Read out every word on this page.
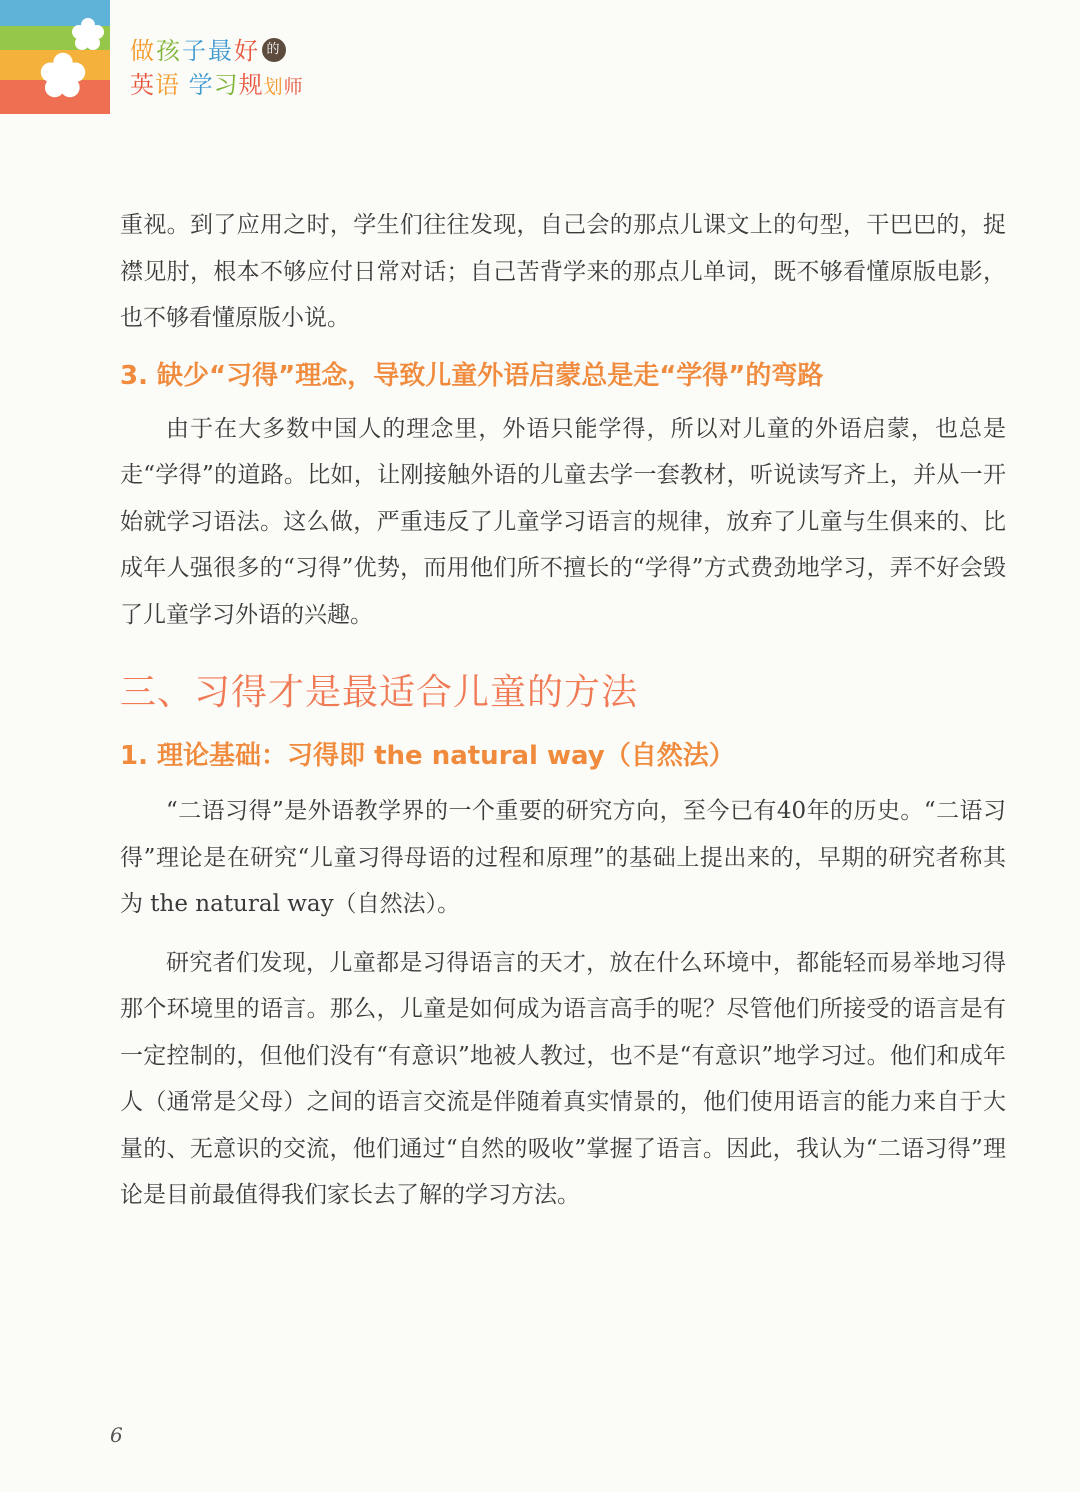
做孩子最好 的
英语 学习规划师

重视。到了应用之时，学生们往往发现，自己会的那点儿课文上的句型，干巴巴的，捉襟见肘，根本不够应付日常对话；自己苦背学来的那点儿单词，既不够看懂原版电影，也不够看懂原版小说。

3. 缺少“习得”理念，导致儿童外语启蒙总是走“学得”的弯路

由于在大多数中国人的理念里，外语只能学得，所以对儿童的外语启蒙，也总是走“学得”的道路。比如，让刚接触外语的儿童去学一套教材，听说读写齐上，并从一开始就学习语法。这么做，严重违反了儿童学习语言的规律，放弃了儿童与生俱来的、比成年人强很多的“习得”优势，而用他们所不擅长的“学得”方式费劲地学习，弄不好会毁了儿童学习外语的兴趣。

三、习得才是最适合儿童的方法
1. 理论基础：习得即 the natural way（自然法）

“二语习得”是外语教学界的一个重要的研究方向，至今已有40年的历史。“二语习得”理论是在研究“儿童习得母语的过程和原理”的基础上提出来的，早期的研究者称其为 the natural way（自然法）。

研究者们发现，儿童都是习得语言的天才，放在什么环境中，都能轻而易举地习得那个环境里的语言。那么，儿童是如何成为语言高手的呢？尽管他们所接受的语言是有一定控制的，但他们没有“有意识”地被人教过，也不是“有意识”地学习过。他们和成年人（通常是父母）之间的语言交流是伴随着真实情景的，他们使用语言的能力来自于大量的、无意识的交流，他们通过“自然的吸收”掌握了语言。因此，我认为“二语习得”理论是目前最值得我们家长去了解的学习方法。

6
